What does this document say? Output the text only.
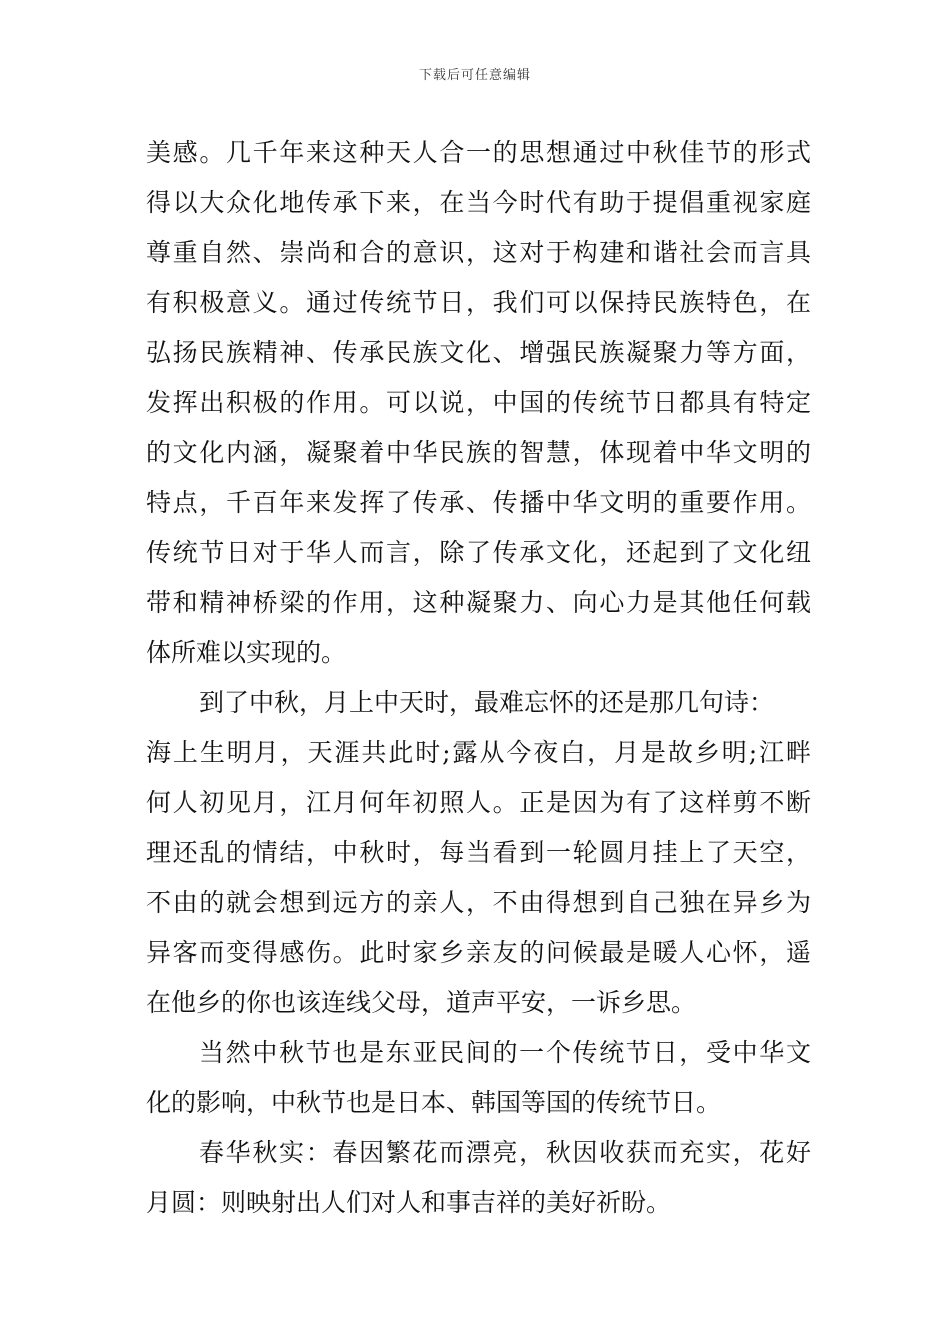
下载后可任意编辑
美感。几千年来这种天人合一的思想通过中秋佳节的形式
得以大众化地传承下来，在当今时代有助于提倡重视家庭
尊重自然、崇尚和合的意识，这对于构建和谐社会而言具
有积极意义。通过传统节日，我们可以保持民族特色，在
弘扬民族精神、传承民族文化、增强民族凝聚力等方面，
发挥出积极的作用。可以说，中国的传统节日都具有特定
的文化内涵，凝聚着中华民族的智慧，体现着中华文明的
特点，千百年来发挥了传承、传播中华文明的重要作用。
传统节日对于华人而言，除了传承文化，还起到了文化纽
带和精神桥梁的作用，这种凝聚力、向心力是其他任何载
体所难以实现的。
到了中秋，月上中天时，最难忘怀的还是那几句诗：
海上生明月，天涯共此时;露从今夜白，月是故乡明;江畔
何人初见月，江月何年初照人。正是因为有了这样剪不断
理还乱的情结，中秋时，每当看到一轮圆月挂上了天空，
不由的就会想到远方的亲人，不由得想到自己独在异乡为
异客而变得感伤。此时家乡亲友的问候最是暖人心怀，遥
在他乡的你也该连线父母，道声平安，一诉乡思。
当然中秋节也是东亚民间的一个传统节日，受中华文
化的影响，中秋节也是日本、韩国等国的传统节日。
春华秋实：春因繁花而漂亮，秋因收获而充实，花好
月圆：则映射出人们对人和事吉祥的美好祈盼。
